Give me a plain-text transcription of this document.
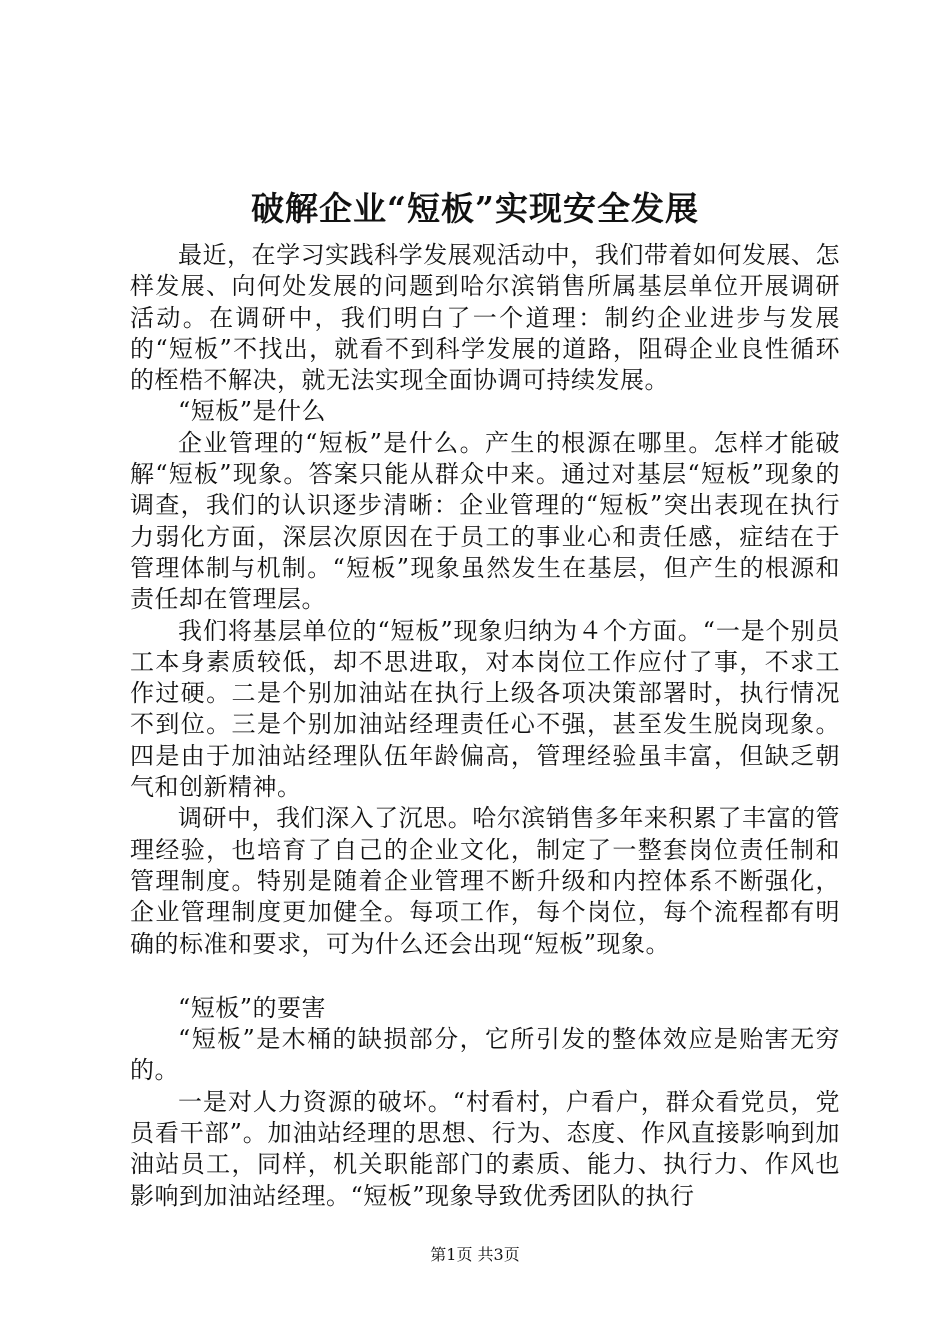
破解企业“短板”实现安全发展

最近，在学习实践科学发展观活动中，我们带着如何发展、怎样发展、向何处发展的问题到哈尔滨销售所属基层单位开展调研活动。在调研中，我们明白了一个道理：制约企业进步与发展的“短板”不找出，就看不到科学发展的道路，阻碍企业良性循环的桎梏不解决，就无法实现全面协调可持续发展。

“短板”是什么

企业管理的“短板”是什么。产生的根源在哪里。怎样才能破解“短板”现象。答案只能从群众中来。通过对基层“短板”现象的调查，我们的认识逐步清晰：企业管理的“短板”突出表现在执行力弱化方面，深层次原因在于员工的事业心和责任感，症结在于管理体制与机制。“短板”现象虽然发生在基层，但产生的根源和责任却在管理层。

我们将基层单位的“短板”现象归纳为４个方面。“一是个别员工本身素质较低，却不思进取，对本岗位工作应付了事，不求工作过硬。二是个别加油站在执行上级各项决策部署时，执行情况不到位。三是个别加油站经理责任心不强，甚至发生脱岗现象。四是由于加油站经理队伍年龄偏高，管理经验虽丰富，但缺乏朝气和创新精神。

调研中，我们深入了沉思。哈尔滨销售多年来积累了丰富的管理经验，也培育了自己的企业文化，制定了一整套岗位责任制和管理制度。特别是随着企业管理不断升级和内控体系不断强化，企业管理制度更加健全。每项工作，每个岗位，每个流程都有明确的标准和要求，可为什么还会出现“短板”现象。

“短板”的要害

“短板”是木桶的缺损部分，它所引发的整体效应是贻害无穷的。

一是对人力资源的破坏。“村看村，户看户，群众看党员，党员看干部”。加油站经理的思想、行为、态度、作风直接影响到加油站员工，同样，机关职能部门的素质、能力、执行力、作风也影响到加油站经理。“短板”现象导致优秀团队的执行

第1页 共3页
